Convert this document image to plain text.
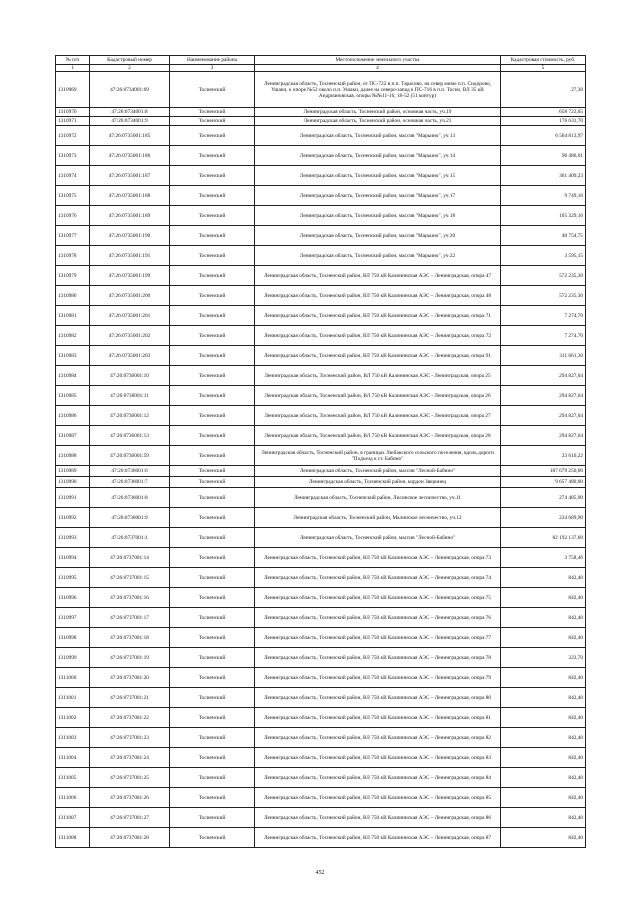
№ п/п	Кадастровый номер	Наименование района	Местоположение земельного участка	Кадастровая стоимость, руб.
1	2	3	4	5
1310969	47:26:0734001:69	Тосненский	Ленинградская область, Тосненский район, от ПС-722 в п.п. Тарасово, на север мимо п.п. Сидорово, Ушаки, к опоре №52 около п.п. Ушаки, далее на северо-запад к ПС-716 в п.п. Тосно, ВЛ 35 кВ Андриановская, опоры №№11-16, 18-52 (51 контур)	27,30
1310970	47:26:0734001:8	Тосненский	Ленинградская область, Тосненский район, основная часть, уч.19	658 723,65
1310971	47:26:0734001:9	Тосненский	Ленинградская область, Тосненский район, основная часть, уч.21	176 631,70
1310972	47:26:0735001:185	Тосненский	Ленинградская область, Тосненский район, массив "Марьино", уч 13	6 564 813,97
1310973	47:26:0735001:186	Тосненский	Ленинградская область, Тосненский район, массив "Марьино", уч 14	96 486,01
1310974	47:26:0735001:187	Тосненский	Ленинградская область, Тосненский район, массив "Марьино", уч 15	361 409,23
1310975	47:26:0735001:188	Тосненский	Ленинградская область, Тосненский район, массив "Марьино", уч 17	9 749,16
1310976	47:26:0735001:189	Тосненский	Ленинградская область, Тосненский район, массив "Марьино", уч 18	105 329,16
1310977	47:26:0735001:190	Тосненский	Ленинградская область, Тосненский район, массив "Марьино", уч 20	40 754,75
1310978	47:26:0735001:191	Тосненский	Ленинградская область, Тосненский район, массив "Марьино", уч 22	3 595,15
1310979	47:26:0735001:199	Тосненский	Ленинградская область, Тосненский район, ВЛ 750 кВ Калининская АЭС – Ленинградская, опора 47	572 235,30
1310980	47:26:0735001:200	Тосненский	Ленинградская область, Тосненский район, ВЛ 750 кВ Калининская АЭС – Ленинградская, опора 48	572 235,30
1310981	47:26:0735001:201	Тосненский	Ленинградская область, Тосненский район, ВЛ 750 кВ Калининская АЭС – Ленинградская, опора 71	7 274,70
1310982	47:26:0735001:202	Тосненский	Ленинградская область, Тосненский район, ВЛ 750 кВ Калининская АЭС – Ленинградская, опора 72	7 274,70
1310983	47:26:0735001:203	Тосненский	Ленинградская область, Тосненский район, ВЛ 750 кВ Калининская АЭС – Ленинградская, опора 91	311 661,30
1310984	47:26:0736001:10	Тосненский	Ленинградская область, Тосненский район, ВЛ 750 кВ Калининская АЭС - Ленинградская, опора 25	294 827,04
1310985	47:26:0736001:11	Тосненский	Ленинградская область, Тосненский район, ВЛ 750 кВ Калининская АЭС - Ленинградская, опора 26	294 827,04
1310986	47:26:0736001:12	Тосненский	Ленинградская область, Тосненский район, ВЛ 750 кВ Калининская АЭС - Ленинградская, опора 27	294 827,04
1310987	47:26:0736001:13	Тосненский	Ленинградская область, Тосненский район, ВЛ 750 кВ Калининская АЭС - Ленинградская, опора 28	294 827,04
1310988	47:26:0736001:59	Тосненский	Ленинградская область, Тосненский район, в границах Любанского сельского поселения, вдоль дороги "Подъезд к ст. Бабино"	23 610,22
1310989	47:26:0736001:6	Тосненский	Ленинградская область, Тосненский район, массив "Лесной-Бабино"	187 679 250,00
1310990	47:26:0736001:7	Тосненский	Ленинградская область, Тосненский район, кордон Зверинец	9 657 480,00
1310991	47:26:0736001:8	Тосненский	Ленинградская область, Тосненский район, Лисинское лесничество, уч.11	274 485,90
1310992	47:26:0736001:9	Тосненский	Ленинградская область, Тосненский район, Малинское лесничество, уч.12	234 689,90
1310993	47:26:0737001:1	Тосненский	Ленинградская область, Тосненский район, массив "Лесной-Бабино"	82 192 137,60
1310994	47:26:0737001:14	Тосненский	Ленинградская область, Тосненский район, ВЛ 750 кВ Калининская АЭС – Ленинградская, опора 73	3 758,46
1310995	47:26:0737001:15	Тосненский	Ленинградская область, Тосненский район, ВЛ 750 кВ Калининская АЭС – Ленинградская, опора 74	842,40
1310996	47:26:0737001:16	Тосненский	Ленинградская область, Тосненский район, ВЛ 750 кВ Калининская АЭС – Ленинградская, опора 75	842,40
1310997	47:26:0737001:17	Тосненский	Ленинградская область, Тосненский район, ВЛ 750 кВ Калининская АЭС – Ленинградская, опора 76	842,40
1310998	47:26:0737001:18	Тосненский	Ленинградская область, Тосненский район, ВЛ 750 кВ Калининская АЭС – Ленинградская, опора 77	842,40
1310999	47:26:0737001:19	Тосненский	Ленинградская область, Тосненский район, ВЛ 750 кВ Калининская АЭС – Ленинградская, опора 78	323,70
1311000	47:26:0737001:20	Тосненский	Ленинградская область, Тосненский район, ВЛ 750 кВ Калининская АЭС – Ленинградская, опора 79	842,40
1311001	47:26:0737001:21	Тосненский	Ленинградская область, Тосненский район, ВЛ 750 кВ Калининская АЭС – Ленинградская, опора 80	842,40
1311002	47:26:0737001:22	Тосненский	Ленинградская область, Тосненский район, ВЛ 750 кВ Калининская АЭС – Ленинградская, опора 81	842,40
1311003	47:26:0737001:23	Тосненский	Ленинградская область, Тосненский район, ВЛ 750 кВ Калининская АЭС – Ленинградская, опора 82	842,40
1311004	47:26:0737001:24	Тосненский	Ленинградская область, Тосненский район, ВЛ 750 кВ Калининская АЭС – Ленинградская, опора 83	842,40
1311005	47:26:0737001:25	Тосненский	Ленинградская область, Тосненский район, ВЛ 750 кВ Калининская АЭС – Ленинградская, опора 84	842,40
1311006	47:26:0737001:26	Тосненский	Ленинградская область, Тосненский район, ВЛ 750 кВ Калининская АЭС – Ленинградская, опора 85	842,40
1311007	47:26:0737001:27	Тосненский	Ленинградская область, Тосненский район, ВЛ 750 кВ Калининская АЭС – Ленинградская, опора 86	842,40
1311008	47:26:0737001:28	Тосненский	Ленинградская область, Тосненский район, ВЛ 750 кВ Калининская АЭС – Ленинградская, опора 87	842,40
452
